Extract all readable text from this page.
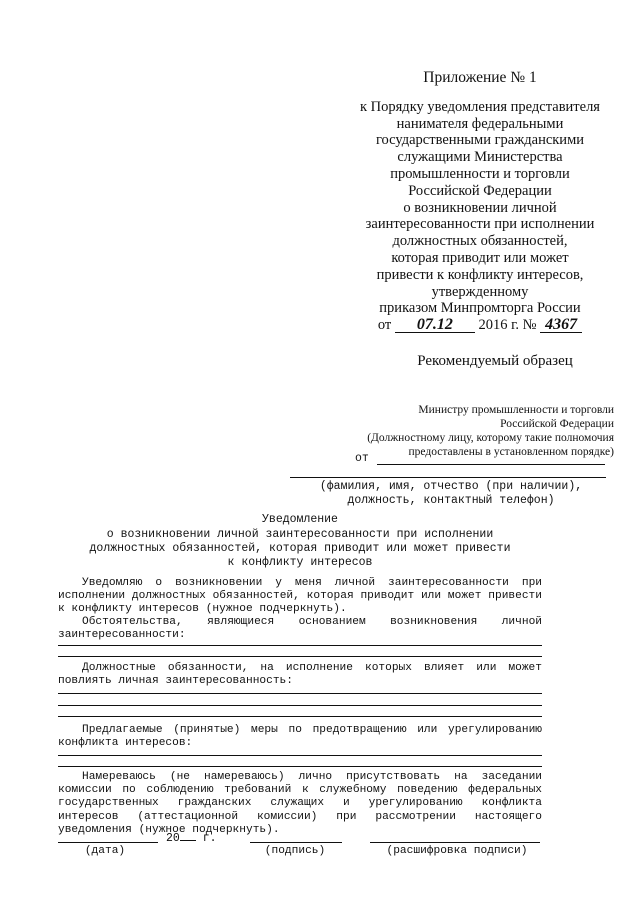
Приложение № 1
к Порядку уведомления представителя
нанимателя федеральными
государственными гражданскими
служащими Министерства
промышленности и торговли
Российской Федерации
о возникновении личной
заинтересованности при исполнении
должностных обязанностей,
которая приводит или может
привести к конфликту интересов,
утвержденному
приказом Минпромторга России
от 07.12 2016 г. № 4367
Рекомендуемый образец
Министру промышленности и торговли
Российской Федерации
(Должностному лицу, которому такие полномочия
предоставлены в установленном порядке)
от
(фамилия, имя, отчество (при наличии),
должность, контактный телефон)
Уведомление
о возникновении личной заинтересованности при исполнении
должностных обязанностей, которая приводит или может привести
к конфликту интересов
Уведомляю о возникновении у меня личной заинтересованности при исполнении должностных обязанностей, которая приводит или может привести к конфликту интересов (нужное подчеркнуть).
Обстоятельства, являющиеся основанием возникновения личной заинтересованности:
Должностные обязанности, на исполнение которых влияет или может повлиять личная заинтересованность:
Предлагаемые (принятые) меры по предотвращению или урегулированию конфликта интересов:
Намереваюсь (не намереваюсь) лично присутствовать на заседании комиссии по соблюдению требований к служебному поведению федеральных государственных гражданских служащих и урегулированию конфликта интересов (аттестационной комиссии) при рассмотрении настоящего уведомления (нужное подчеркнуть).
20 г.
(дата)	(подпись)	(расшифровка подписи)
